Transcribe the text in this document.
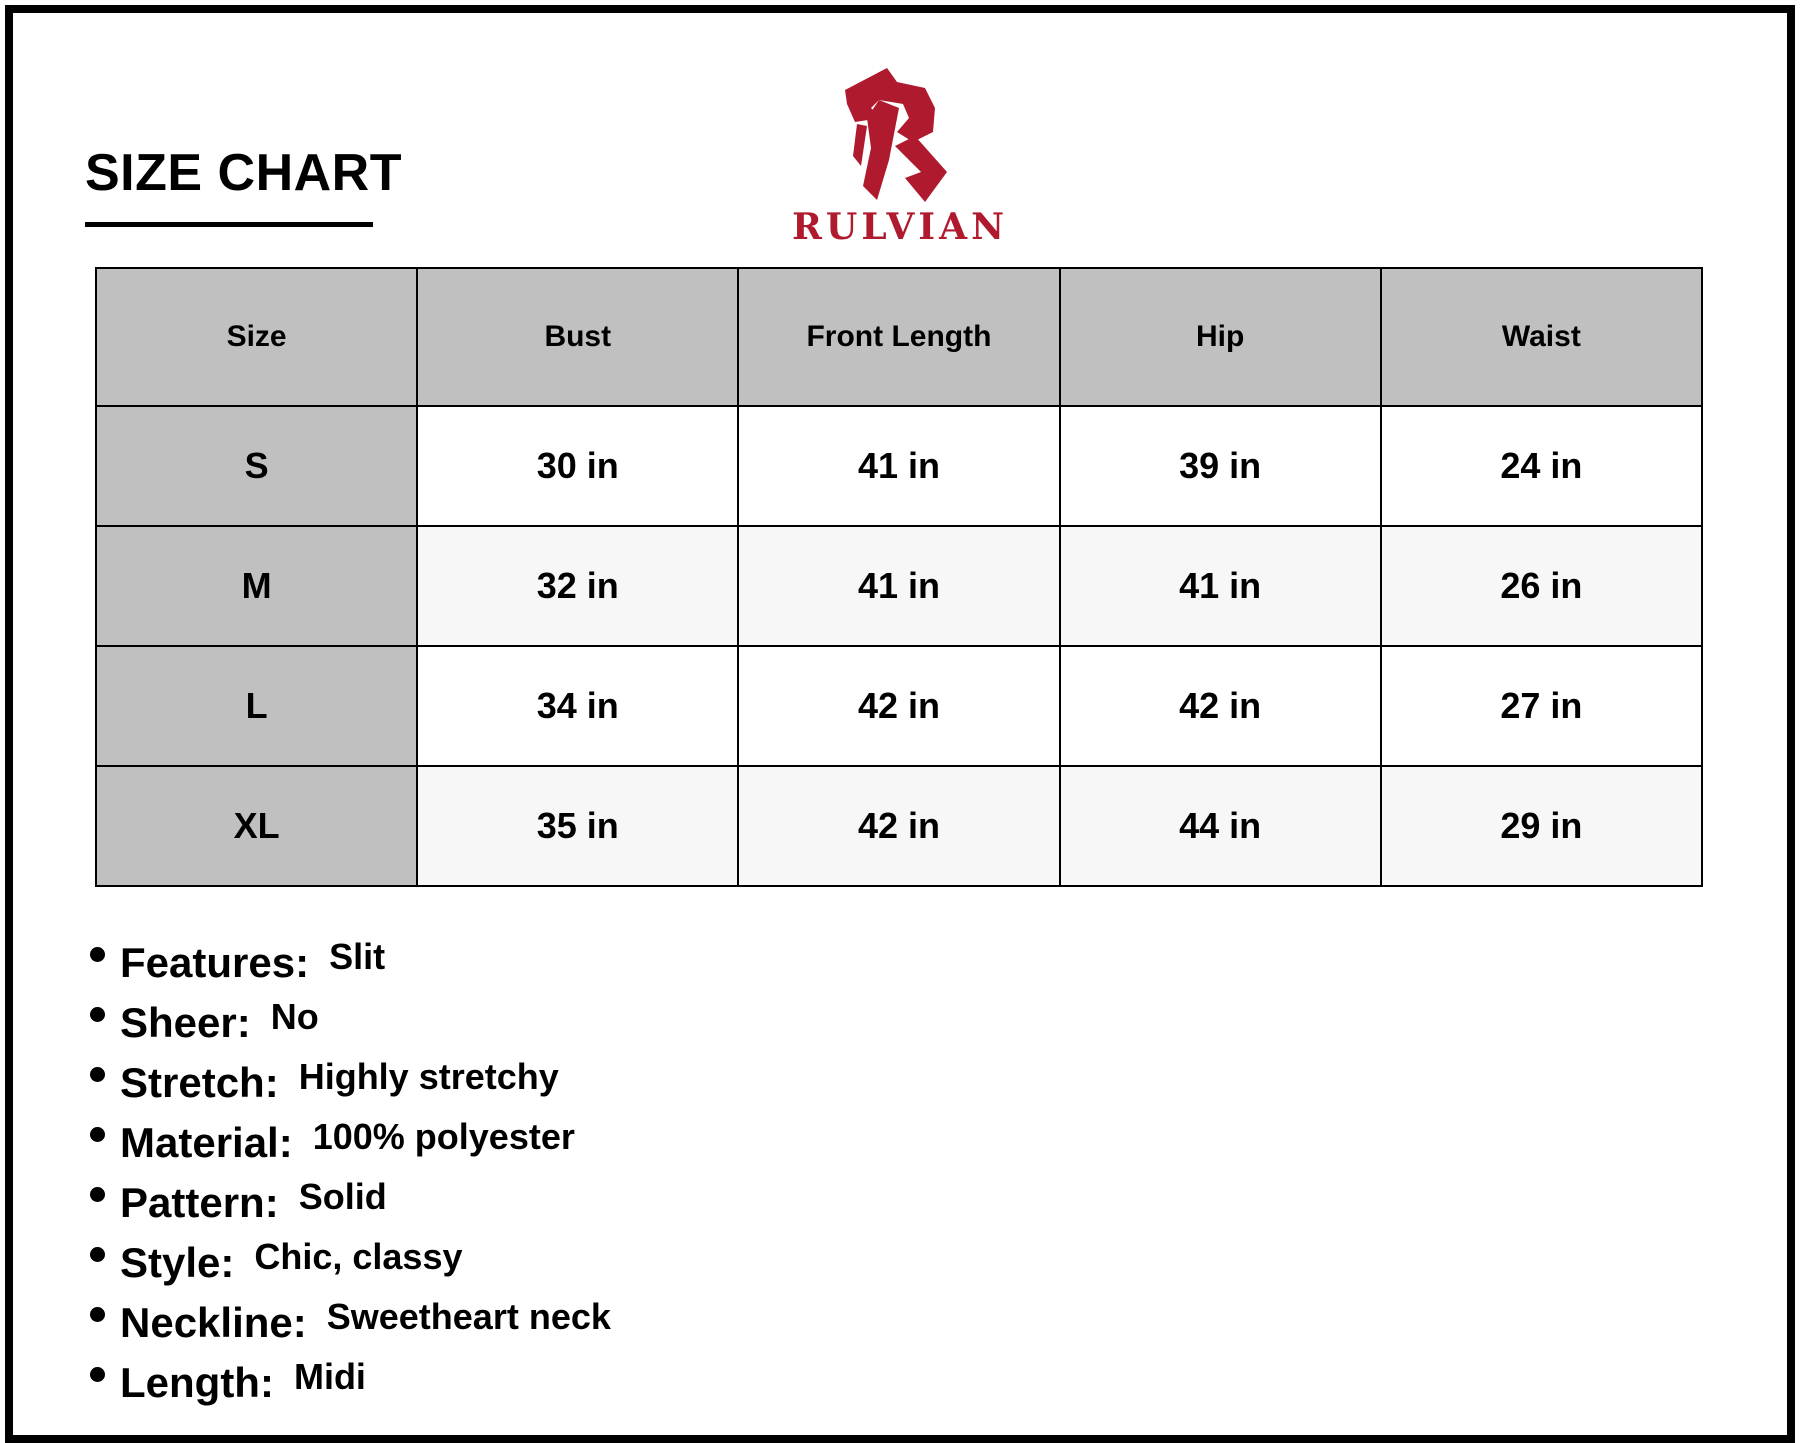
SIZE CHART
RULVIAN
Size	Bust	Front Length	Hip	Waist
S	30 in	41 in	39 in	24 in
M	32 in	41 in	41 in	26 in
L	34 in	42 in	42 in	27 in
XL	35 in	42 in	44 in	29 in
Features: Slit
Sheer: No
Stretch: Highly stretchy
Material: 100% polyester
Pattern: Solid
Style: Chic, classy
Neckline: Sweetheart neck
Length: Midi
